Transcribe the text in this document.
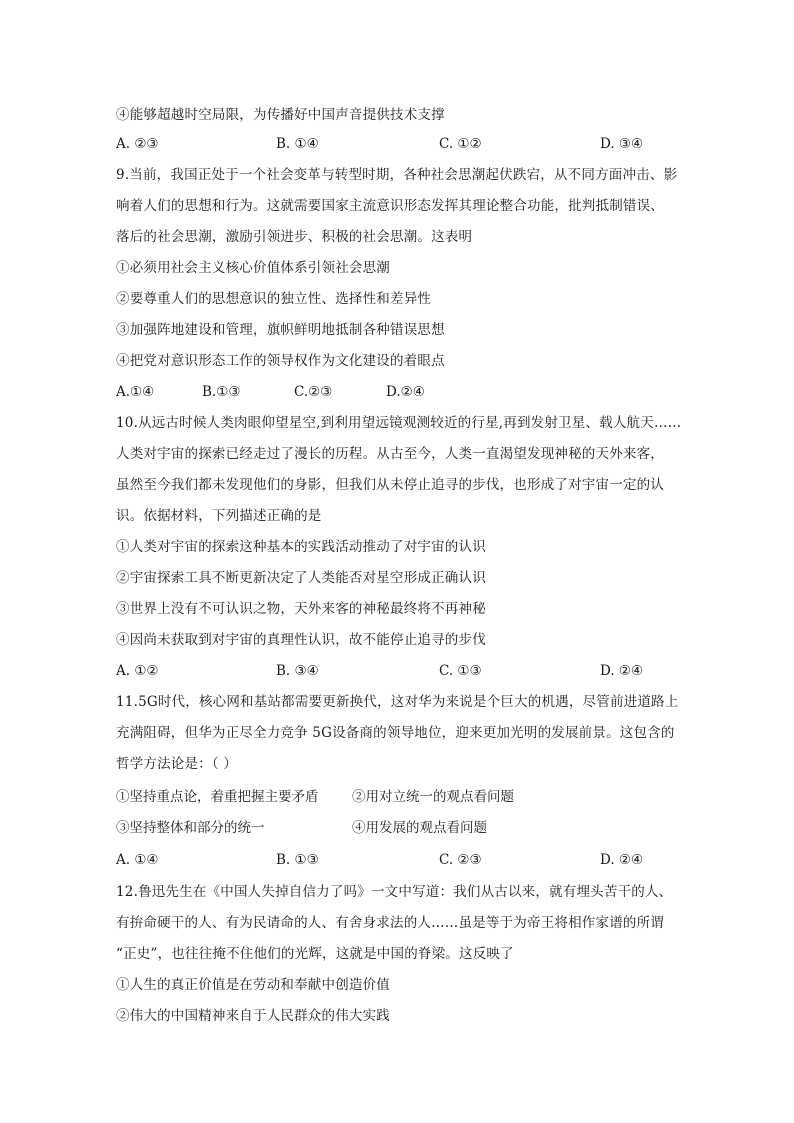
④能够超越时空局限，为传播好中国声音提供技术支撑
A. ②③	B. ①④	C. ①②	D. ③④
9.当前，我国正处于一个社会变革与转型时期，各种社会思潮起伏跌宕，从不同方面冲击、影
响着人们的思想和行为。这就需要国家主流意识形态发挥其理论整合功能，批判抵制错误、
落后的社会思潮，激励引领进步、积极的社会思潮。这表明
①必须用社会主义核心价值体系引领社会思潮
②要尊重人们的思想意识的独立性、选择性和差异性
③加强阵地建设和管理，旗帜鲜明地抵制各种错误思想
④把党对意识形态工作的领导权作为文化建设的着眼点
A.①④	B.①③	C.②③	D.②④
10.从远古时候人类肉眼仰望星空,到利用望远镜观测较近的行星,再到发射卫星、载人航天……
人类对宇宙的探索已经走过了漫长的历程。从古至今，人类一直渴望发现神秘的天外来客，
虽然至今我们都未发现他们的身影，但我们从未停止追寻的步伐，也形成了对宇宙一定的认
识。依据材料，下列描述正确的是
①人类对宇宙的探索这种基本的实践活动推动了对宇宙的认识
②宇宙探索工具不断更新决定了人类能否对星空形成正确认识
③世界上没有不可认识之物，天外来客的神秘最终将不再神秘
④因尚未获取到对宇宙的真理性认识，故不能停止追寻的步伐
A. ①②	B. ③④	C. ①③	D. ②④
11.5G时代，核心网和基站都需要更新换代，这对华为来说是个巨大的机遇，尽管前进道路上
充满阻碍，但华为正尽全力竞争 5G设备商的领导地位，迎来更加光明的发展前景。这包含的
哲学方法论是：（ ）
①坚持重点论，着重把握主要矛盾 ②用对立统一的观点看问题
③坚持整体和部分的统一	④用发展的观点看问题
A. ①④	B. ①③	C. ②③	D. ②④
12.鲁迅先生在《中国人失掉自信力了吗》一文中写道：我们从古以来，就有埋头苦干的人、
有拚命硬干的人、有为民请命的人、有舍身求法的人……虽是等于为帝王将相作家谱的所谓
“正史”，也往往掩不住他们的光辉，这就是中国的脊梁。这反映了
①人生的真正价值是在劳动和奉献中创造价值
②伟大的中国精神来自于人民群众的伟大实践
